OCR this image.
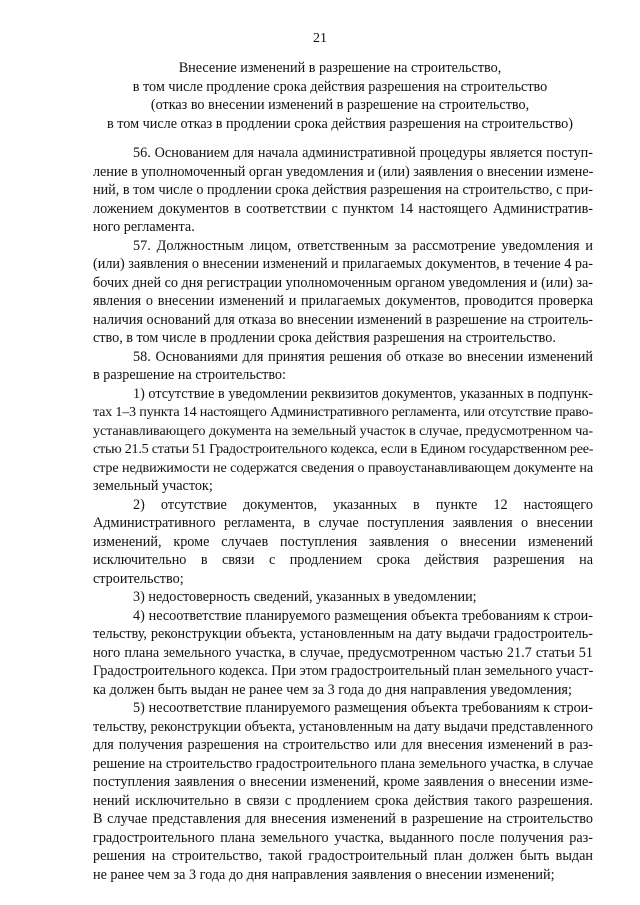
21
Внесение изменений в разрешение на строительство,
в том числе продление срока действия разрешения на строительство
(отказ во внесении изменений в разрешение на строительство,
в том числе отказ в продлении срока действия разрешения на строительство)
56. Основанием для начала административной процедуры является поступ-
ление в уполномоченный орган уведомления и (или) заявления о внесении измене-
ний, в том числе о продлении срока действия разрешения на строительство, с при-
ложением документов в соответствии с пунктом 14 настоящего Административ-
ного регламента.
57. Должностным лицом, ответственным за рассмотрение уведомления и
(или) заявления о внесении изменений и прилагаемых документов, в течение 4 ра-
бочих дней со дня регистрации уполномоченным органом уведомления и (или) за-
явления о внесении изменений и прилагаемых документов, проводится проверка
наличия оснований для отказа во внесении изменений в разрешение на строитель-
ство, в том числе в продлении срока действия разрешения на строительство.
58. Основаниями для принятия решения об отказе во внесении изменений
в разрешение на строительство:
1) отсутствие в уведомлении реквизитов документов, указанных в подпунк-
тах 1–3 пункта 14 настоящего Административного регламента, или отсутствие право-
устанавливающего документа на земельный участок в случае, предусмотренном ча-
стью 21.5 статьи 51 Градостроительного кодекса, если в Едином государственном рее-
стре недвижимости не содержатся сведения о правоустанавливающем документе на
земельный участок;
2) отсутствие документов, указанных в пункте 12 настоящего
Административного регламента, в случае поступления заявления о внесении
изменений, кроме случаев поступления заявления о внесении изменений
исключительно в связи с продлением срока действия разрешения на
строительство;
3) недостоверность сведений, указанных в уведомлении;
4) несоответствие планируемого размещения объекта требованиям к строи-
тельству, реконструкции объекта, установленным на дату выдачи градостроитель-
ного плана земельного участка, в случае, предусмотренном частью 21.7 статьи 51
Градостроительного кодекса. При этом градостроительный план земельного участ-
ка должен быть выдан не ранее чем за 3 года до дня направления уведомления;
5) несоответствие планируемого размещения объекта требованиям к строи-
тельству, реконструкции объекта, установленным на дату выдачи представленного
для получения разрешения на строительство или для внесения изменений в раз-
решение на строительство градостроительного плана земельного участка, в случае
поступления заявления о внесении изменений, кроме заявления о внесении изме-
нений исключительно в связи с продлением срока действия такого разрешения.
В случае представления для внесения изменений в разрешение на строительство
градостроительного плана земельного участка, выданного после получения раз-
решения на строительство, такой градостроительный план должен быть выдан
не ранее чем за 3 года до дня направления заявления о внесении изменений;
